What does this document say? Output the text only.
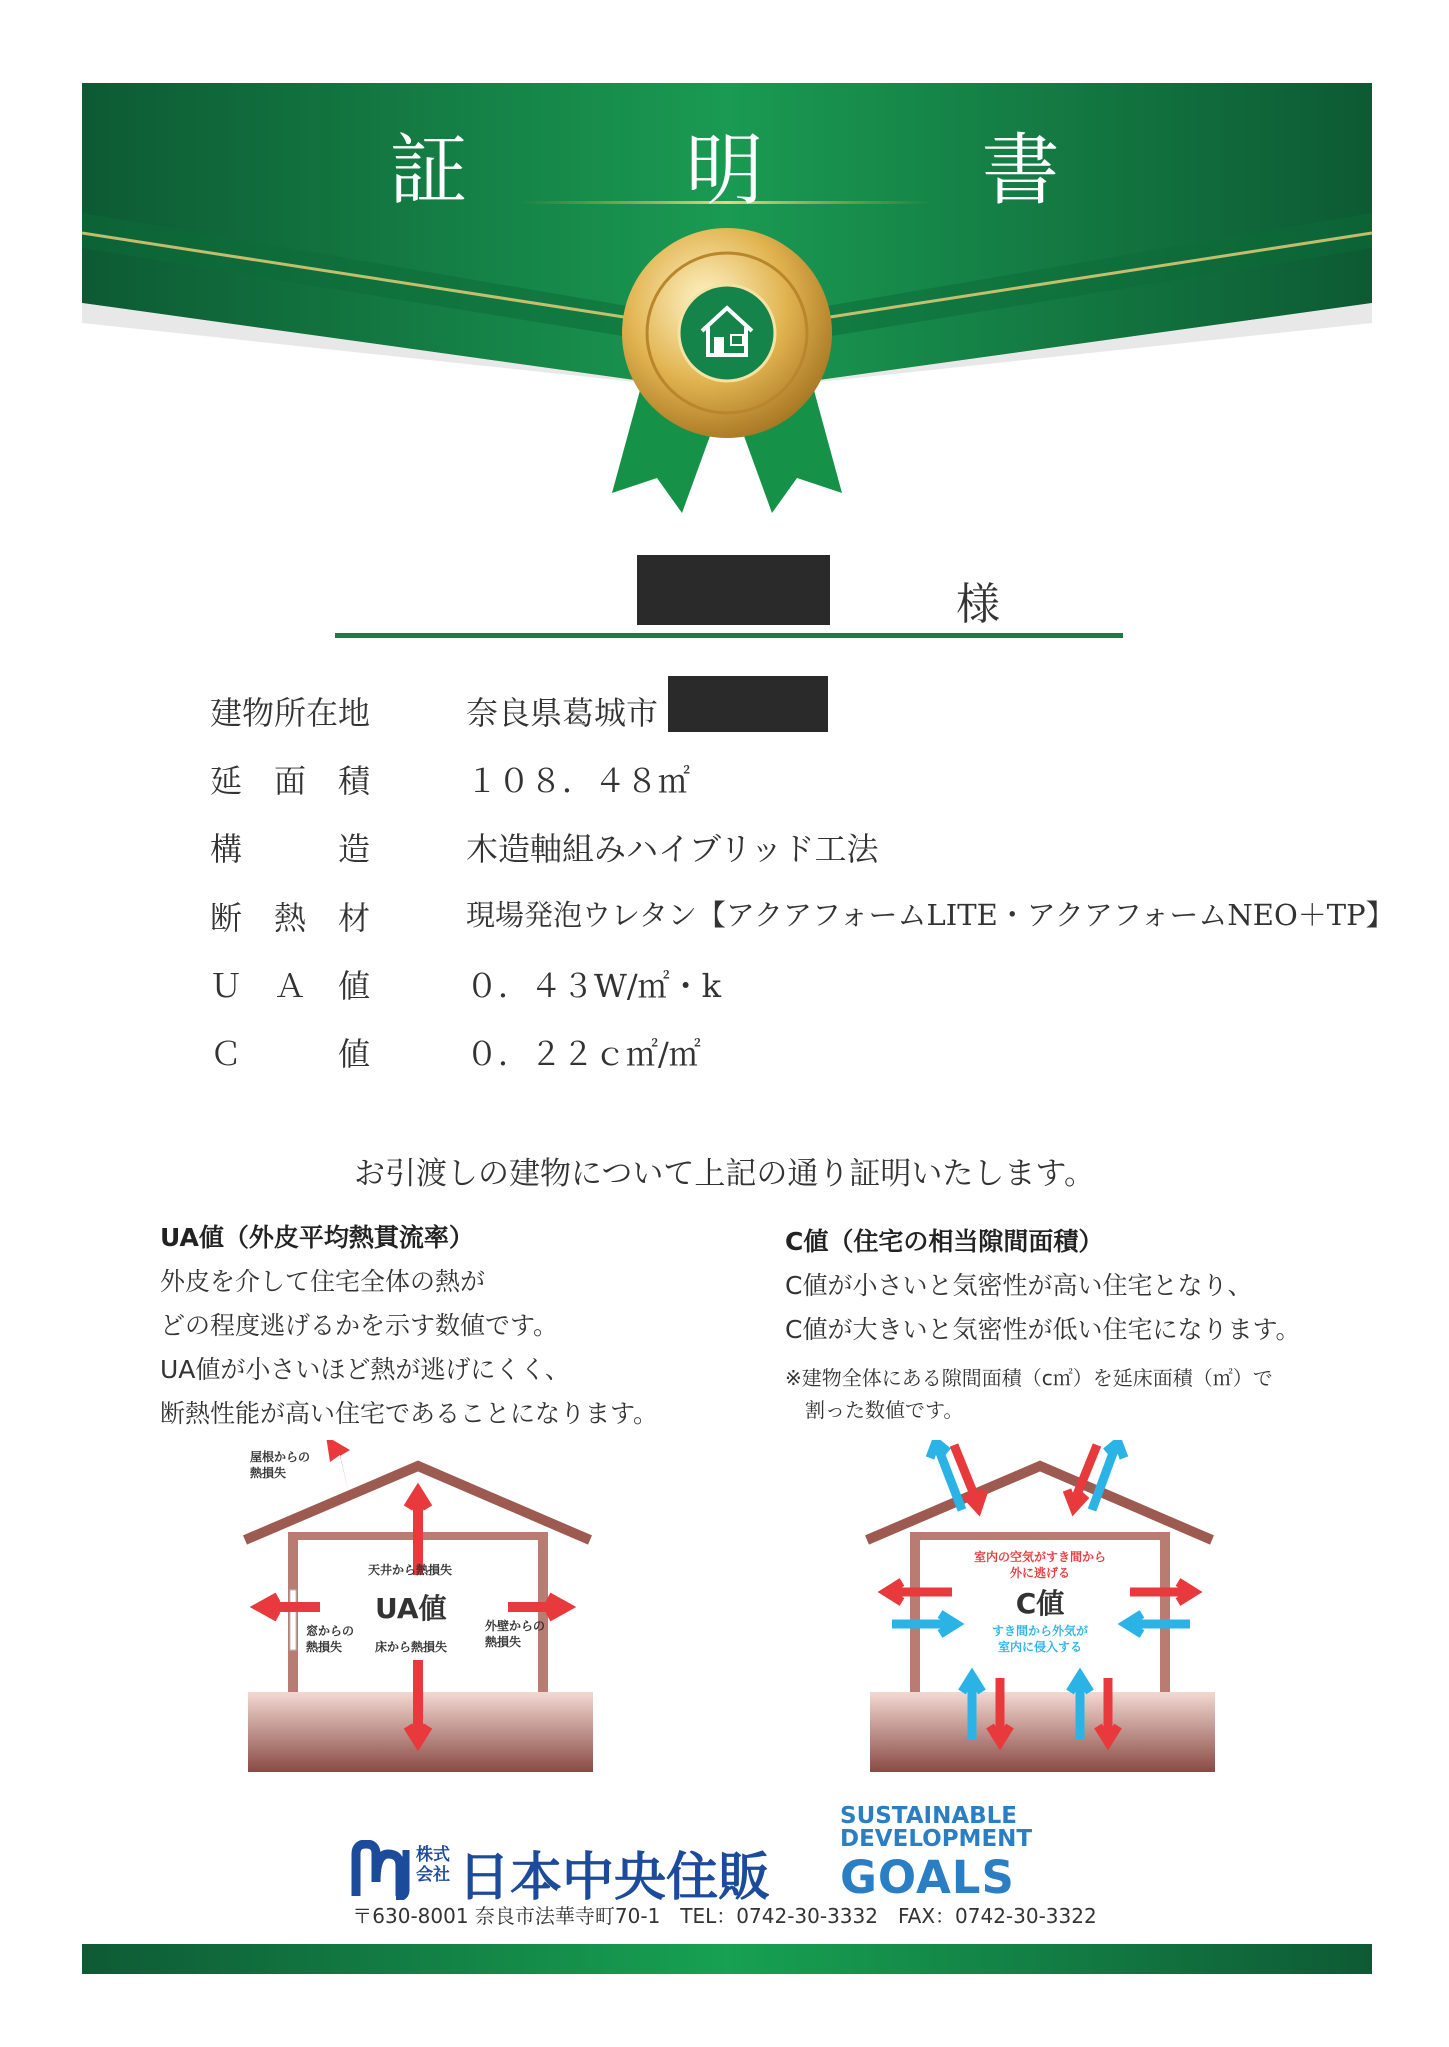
証　明　書
様
建物所在地	奈良県葛城市
延　面　積	１０８．４８㎡
構　　　造	木造軸組みハイブリッド工法
断　熱　材	現場発泡ウレタン【アクアフォームLITE・アクアフォームNEO＋TP】
Ｕ　Ａ　値	０．４３W/㎡・k
Ｃ　　　値	０．２２ｃ㎡/㎡
お引渡しの建物について上記の通り証明いたします。
UA値（外皮平均熱貫流率）
外皮を介して住宅全体の熱が
どの程度逃げるかを示す数値です。
UA値が小さいほど熱が逃げにくく、
断熱性能が高い住宅であることになります。
C値（住宅の相当隙間面積）
C値が小さいと気密性が高い住宅となり、
C値が大きいと気密性が低い住宅になります。
※建物全体にある隙間面積（c㎡）を延床面積（㎡）で
割った数値です。
屋根からの
熱損失
天井から熱損失
UA値
窓からの
熱損失	床から熱損失
外壁からの
熱損失
室内の空気がすき間から
外に逃げる
C値
すき間から外気が
室内に侵入する
株式会社 日本中央住販
SUSTAINABLE
DEVELOPMENT
GOALS
〒630-8001 奈良市法華寺町70-1　TEL：0742-30-3332　FAX：0742-30-3322
